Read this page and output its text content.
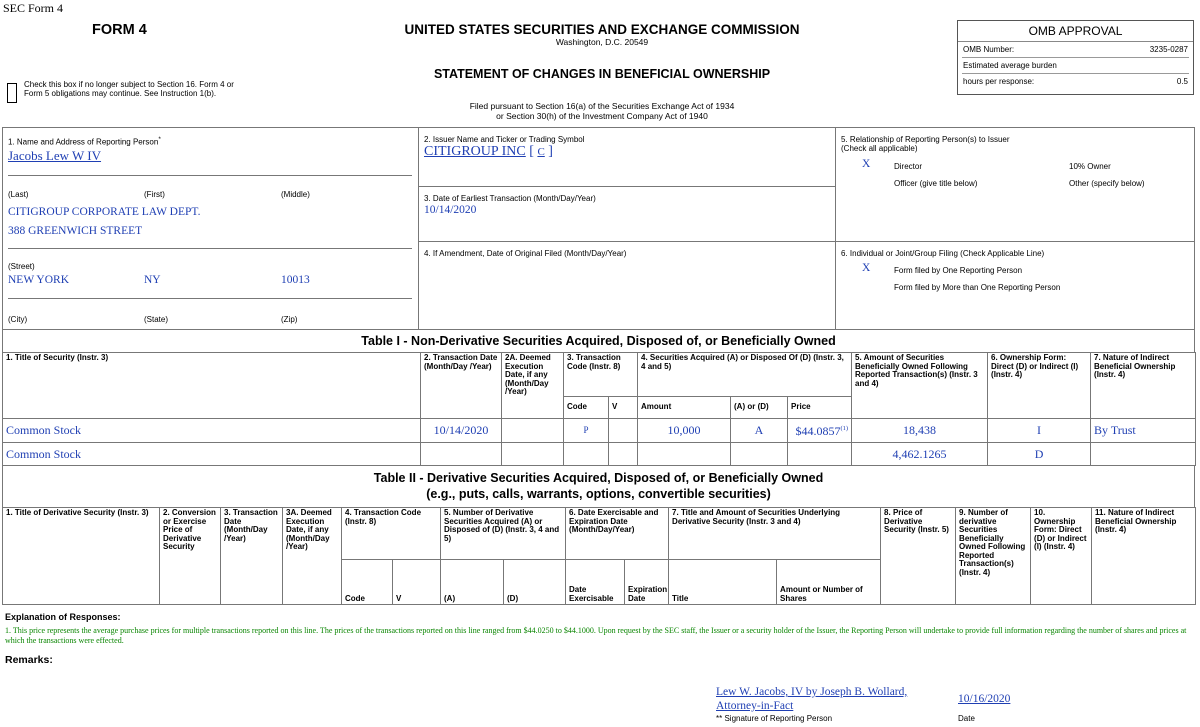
SEC Form 4
FORM 4	UNITED STATES SECURITIES AND EXCHANGE COMMISSION
Washington, D.C. 20549
STATEMENT OF CHANGES IN BENEFICIAL OWNERSHIP
Filed pursuant to Section 16(a) of the Securities Exchange Act of 1934
or Section 30(h) of the Investment Company Act of 1940
Check this box if no longer subject to Section 16. Form 4 or Form 5 obligations may continue. See Instruction 1(b).
OMB APPROVAL
OMB Number:	3235-0287
Estimated average burden
hours per response:	0.5
1. Name and Address of Reporting Person*
Jacobs Lew W IV
(Last)	(First)	(Middle)
CITIGROUP CORPORATE LAW DEPT.
388 GREENWICH STREET
(Street)
NEW YORK	NY	10013
(City)	(State)	(Zip)
2. Issuer Name and Ticker or Trading Symbol
CITIGROUP INC [ C ]
3. Date of Earliest Transaction (Month/Day/Year)
10/14/2020
4. If Amendment, Date of Original Filed (Month/Day/Year)
5. Relationship of Reporting Person(s) to Issuer
(Check all applicable)
X	Director	10% Owner
Officer (give title below)	Other (specify below)
6. Individual or Joint/Group Filing (Check Applicable Line)
X	Form filed by One Reporting Person
Form filed by More than One Reporting Person
Table I - Non-Derivative Securities Acquired, Disposed of, or Beneficially Owned
1. Title of Security (Instr. 3)	2. Transaction Date (Month/Day /Year)	2A. Deemed Execution Date, if any (Month/Day /Year)	3. Transaction Code (Instr. 8)		4. Securities Acquired (A) or Disposed Of (D) (Instr. 3, 4 and 5)			5. Amount of Securities Beneficially Owned Following Reported Transaction(s) (Instr. 3 and 4)	6. Ownership Form: Direct (D) or Indirect (I) (Instr. 4)	7. Nature of Indirect Beneficial Ownership (Instr. 4)
			Code	V	Amount	(A) or (D)	Price			
Common Stock	10/14/2020		P		10,000	A	$44.0857$^{(1)}$	18,438	I	By Trust
Common Stock								4,462.1265	D	
Table II - Derivative Securities Acquired, Disposed of, or Beneficially Owned
(e.g., puts, calls, warrants, options, convertible securities)
1. Title of Derivative Security (Instr. 3)	2. Conversion or Exercise Price of Derivative Security	3. Transaction Date (Month/Day /Year)	3A. Deemed Execution Date, if any (Month/Day /Year)	4. Transaction Code (Instr. 8)		5. Number of Derivative Securities Acquired (A) or Disposed of (D) (Instr. 3, 4 and 5)		6. Date Exercisable and Expiration Date (Month/Day/Year)		7. Title and Amount of Securities Underlying Derivative Security (Instr. 3 and 4)		8. Price of Derivative Security (Instr. 5)	9. Number of derivative Securities Beneficially Owned Following Reported Transaction(s) (Instr. 4)	10. Ownership Form: Direct (D) or Indirect (I) (Instr. 4)	11. Nature of Indirect Beneficial Ownership (Instr. 4)
				Code	V	(A)	(D)	Date Exercisable	Expiration Date	Title	Amount or Number of Shares				
Explanation of Responses:
1. This price represents the average purchase prices for multiple transactions reported on this line. The prices of the transactions reported on this line ranged from $44.0250 to $44.1000. Upon request by the SEC staff, the Issuer or a security holder of the Issuer, the Reporting Person will undertake to provide full information regarding the number of shares and prices at which the transactions were effected.
Remarks:
Lew W. Jacobs, IV by Joseph B. Wollard,
Attorney-in-Fact
** Signature of Reporting Person
10/16/2020
Date
